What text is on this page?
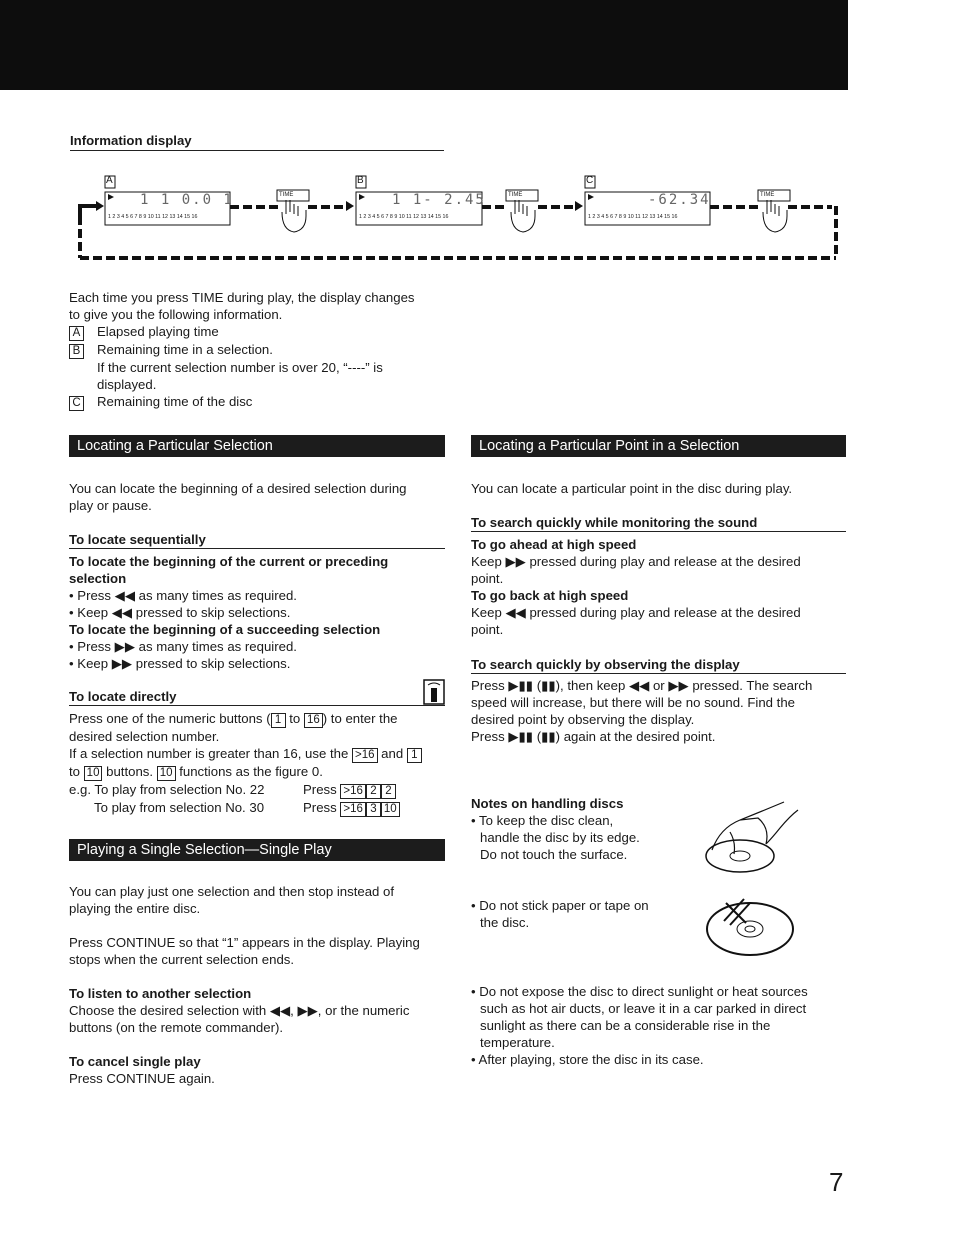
Information display
A	B	C
1 1 0.0 1	1 1- 2.45	-62.34
1 2 3 4 5 6 7 8 9 10 11 12 13 14 15 16	1 2 3 4 5 6 7 8 9 10 11 12 13 14 15 16	1 2 3 4 5 6 7 8 9 10 11 12 13 14 15 16
TIME	TIME	TIME

Each time you press TIME during play, the display changes

to give you the following information.

A	Elapsed playing time
B	Remaining time in a selection.
If the current selection number is over 20, “----” is
displayed.
C	Remaining time of the disc
Locating a Particular Selection

You can locate the beginning of a desired selection during

play or pause.

To locate sequentially

To locate the beginning of the current or preceding

selection

• Press ◀◀ as many times as required.

• Keep ◀◀ pressed to skip selections.

To locate the beginning of a succeeding selection

• Press ▶▶ as many times as required.

• Keep ▶▶ pressed to skip selections.

To locate directly

Press one of the numeric buttons ( 1 to 16 ) to enter the

desired selection number.

If a selection number is greater than 16, use the >16 and 1

to 10 buttons. 10 functions as the figure 0.

e.g. To play from selection No. 22	Press >16 2 2
To play from selection No. 30	Press >16 3 10
Playing a Single Selection—Single Play

You can play just one selection and then stop instead of

playing the entire disc.

Press CONTINUE so that “1” appears in the display. Playing

stops when the current selection ends.

To listen to another selection

Choose the desired selection with ◀◀, ▶▶, or the numeric

buttons (on the remote commander).

To cancel single play

Press CONTINUE again.

Locating a Particular Point in a Selection

You can locate a particular point in the disc during play.

To search quickly while monitoring the sound

To go ahead at high speed

Keep ▶▶ pressed during play and release at the desired

point.

To go back at high speed

Keep ◀◀ pressed during play and release at the desired

point.

To search quickly by observing the display

Press ▶▮▮ (▮▮), then keep ◀◀ or ▶▶ pressed. The search

speed will increase, but there will be no sound. Find the

desired point by observing the display.

Press ▶▮▮ (▮▮) again at the desired point.

Notes on handling discs

• To keep the disc clean,

handle the disc by its edge.

Do not touch the surface.

• Do not stick paper or tape on

the disc.

• Do not expose the disc to direct sunlight or heat sources

such as hot air ducts, or leave it in a car parked in direct

sunlight as there can be a considerable rise in the

temperature.

• After playing, store the disc in its case.

7
